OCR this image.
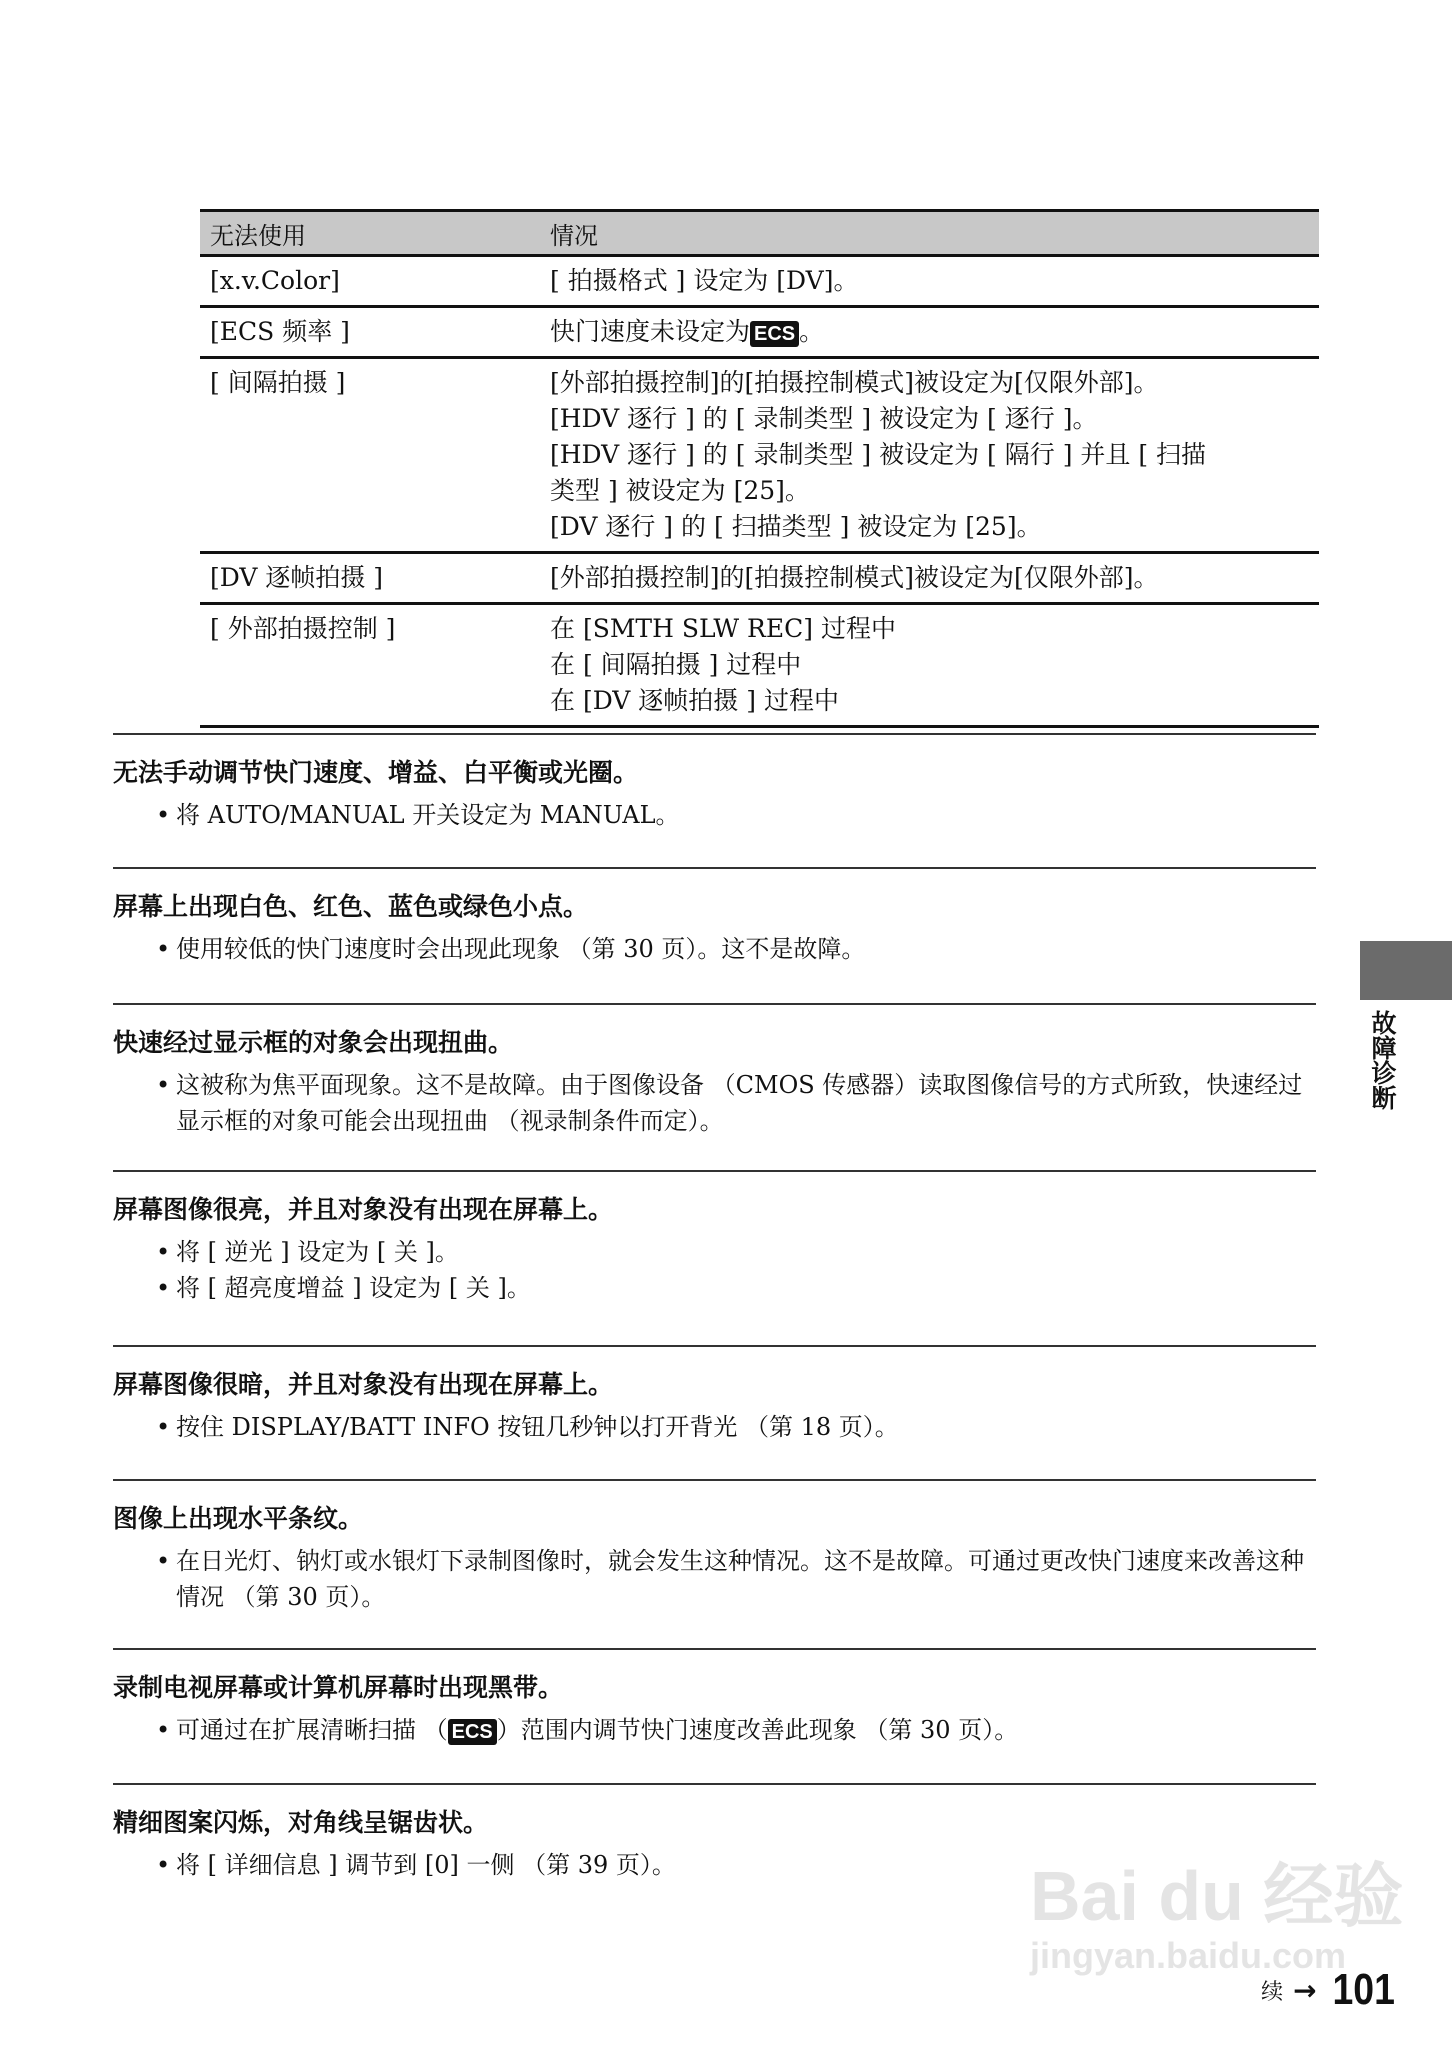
无法使用	情况
[x.v.Color]	[ 拍摄格式 ] 设定为 [DV]。

[ECS 频率 ]	快门速度未设定为 ECS 。
[ 间隔拍摄 ]	[外部拍摄控制]的[拍摄控制模式]被设定为[仅限外部]。
[HDV 逐行 ] 的 [ 录制类型 ] 被设定为 [ 逐行 ]。
[HDV 逐行 ] 的 [ 录制类型 ] 被设定为 [ 隔行 ] 并且 [ 扫描
类型 ] 被设定为 [25]。
[DV 逐行 ] 的 [ 扫描类型 ] 被设定为 [25]。

[DV 逐帧拍摄 ]	[外部拍摄控制]的[拍摄控制模式]被设定为[仅限外部]。

[ 外部拍摄控制 ]	在 [SMTH SLW REC] 过程中
在 [ 间隔拍摄 ] 过程中
在 [DV 逐帧拍摄 ] 过程中
无法手动调节快门速度、增益、白平衡或光圈。
• 将 AUTO/MANUAL 开关设定为 MANUAL。
屏幕上出现白色、红色、蓝色或绿色小点。
• 使用较低的快门速度时会出现此现象 （第 30 页）。这不是故障。
快速经过显示框的对象会出现扭曲。
• 这被称为焦平面现象。这不是故障。由于图像设备 （CMOS 传感器）读取图像信号的方式所致，快速经过显示框的对象可能会出现扭曲 （视录制条件而定）。
屏幕图像很亮，并且对象没有出现在屏幕上。
• 将 [ 逆光 ] 设定为 [ 关 ]。
• 将 [ 超亮度增益 ] 设定为 [ 关 ]。
屏幕图像很暗，并且对象没有出现在屏幕上。
• 按住 DISPLAY/BATT INFO 按钮几秒钟以打开背光 （第 18 页）。
图像上出现水平条纹。
• 在日光灯、钠灯或水银灯下录制图像时，就会发生这种情况。这不是故障。可通过更改快门速度来改善这种情况 （第 30 页）。
录制电视屏幕或计算机屏幕时出现黑带。
• 可通过在扩展清晰扫描 （ ECS ）范围内调节快门速度改善此现象 （第 30 页）。
精细图案闪烁，对角线呈锯齿状。
• 将 [ 详细信息 ] 调节到 [0] 一侧 （第 39 页）。
故障诊断
Bai du 经验
jingyan.baidu.com
续 → 101
